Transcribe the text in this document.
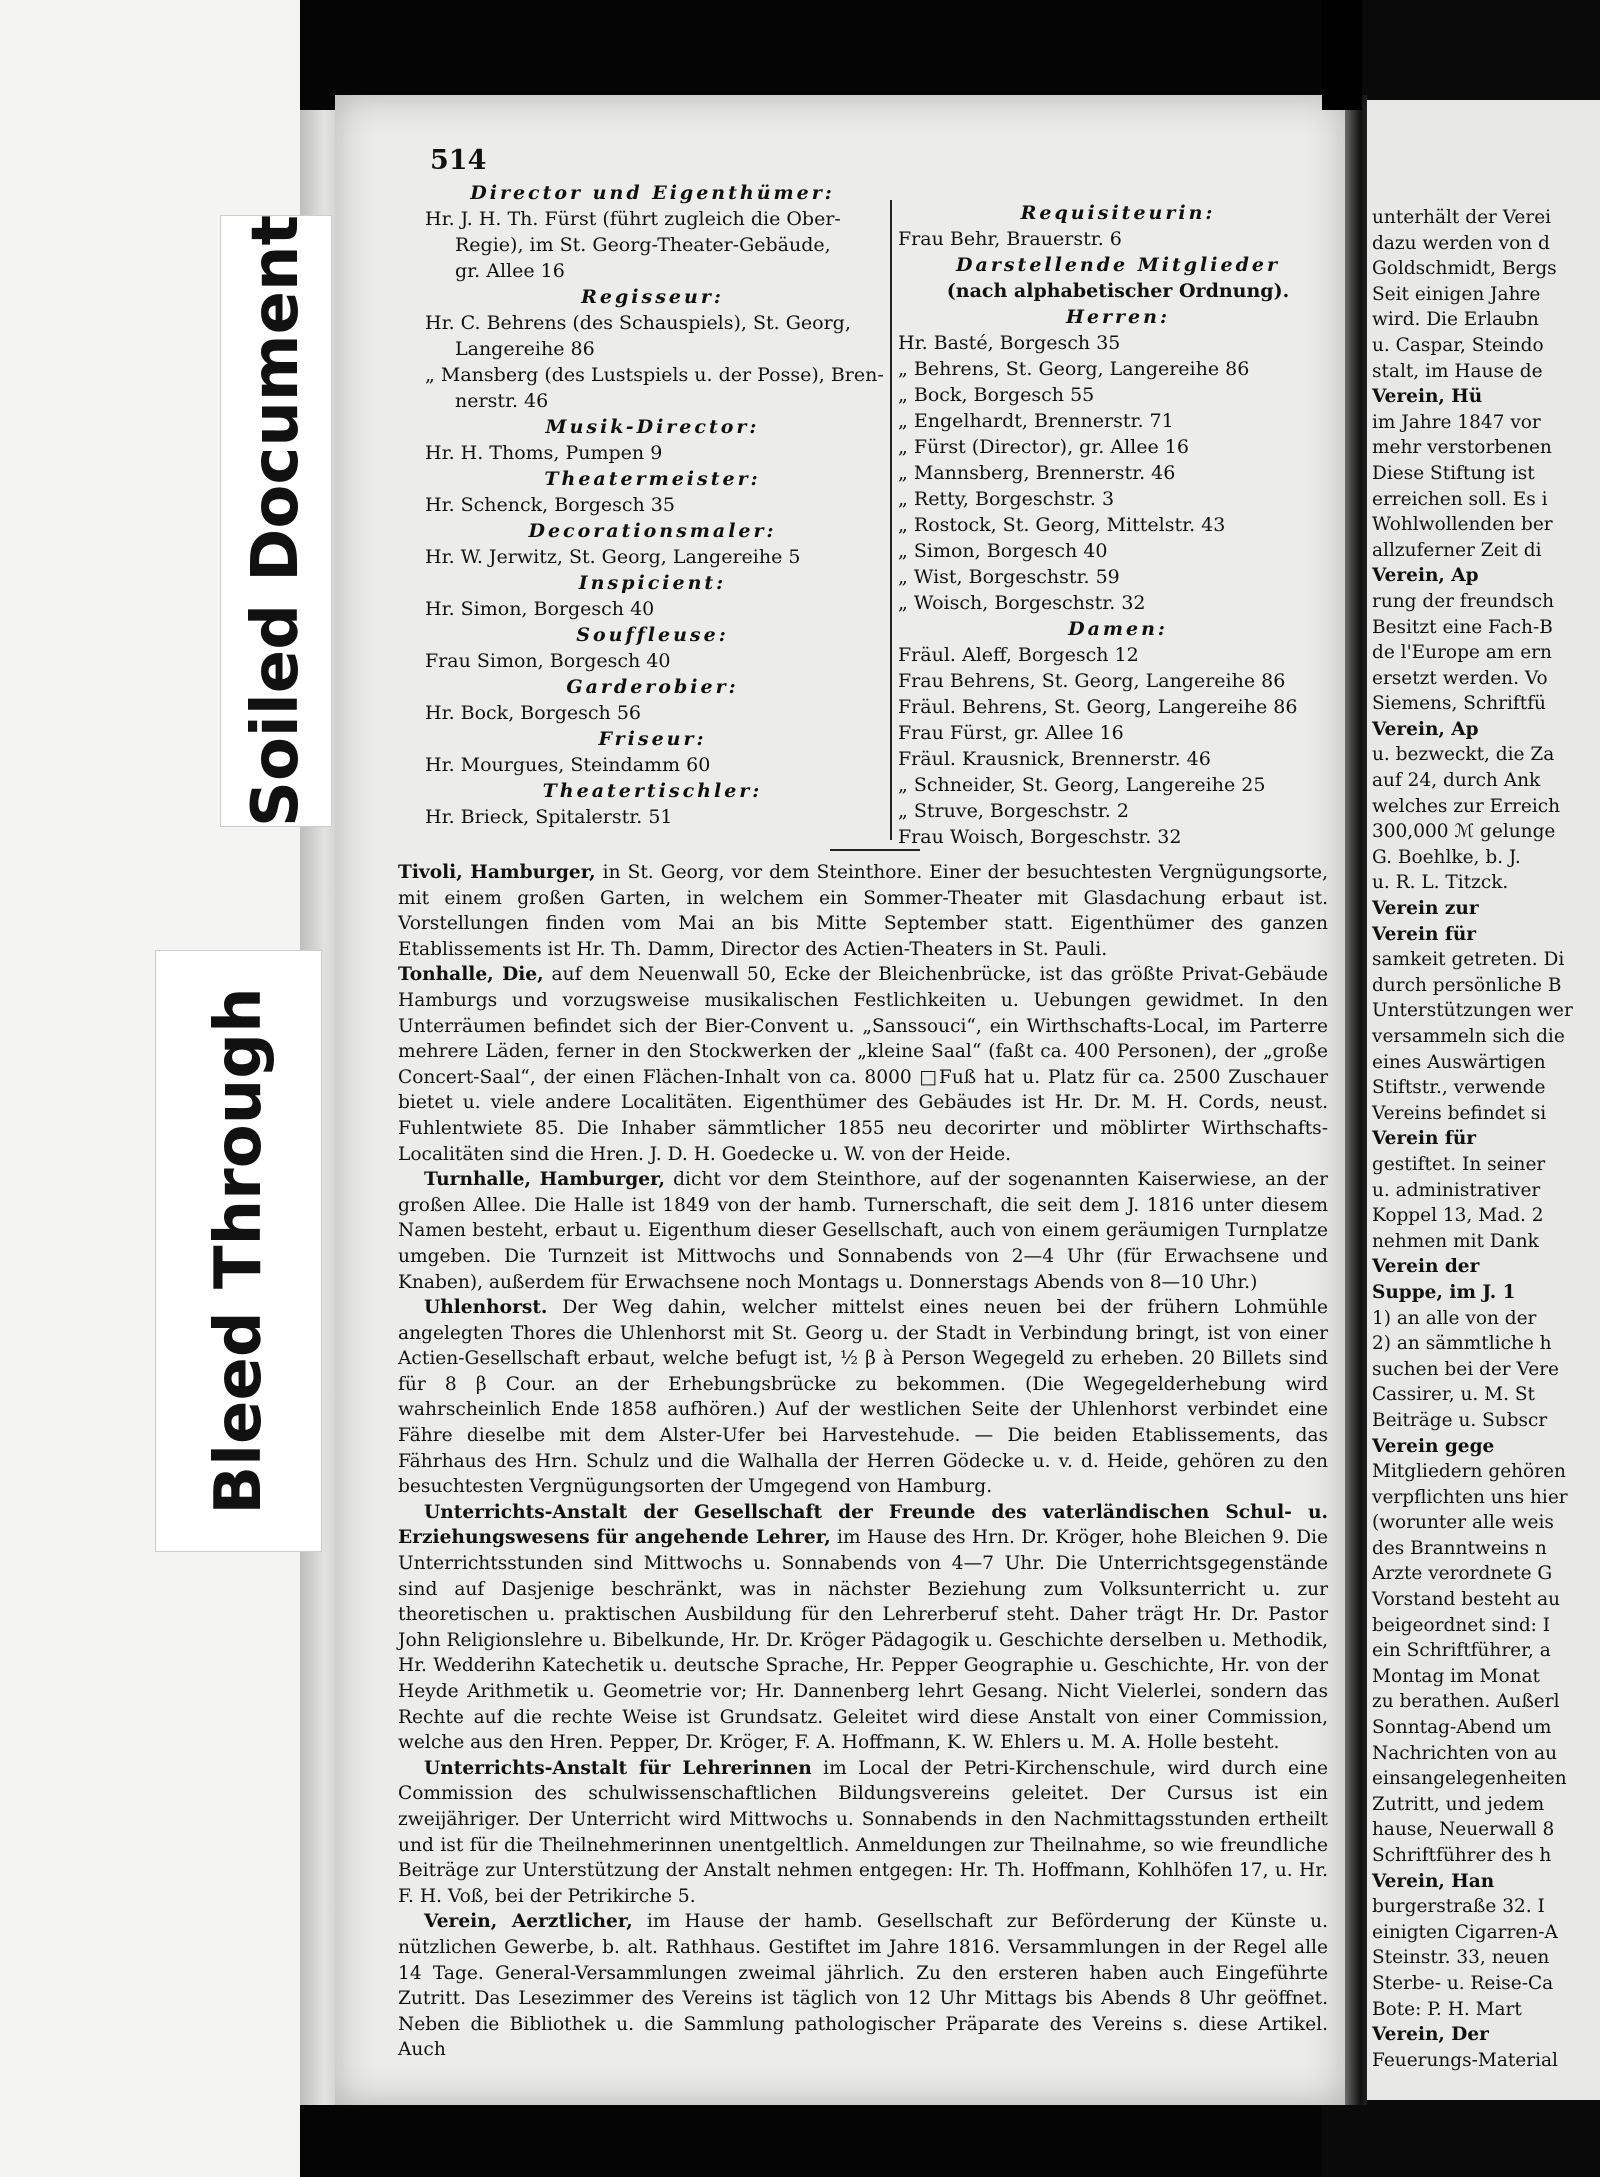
Soiled Document
Bleed Through
514
Director und Eigenthümer:
Hr. J. H. Th. Fürst (führt zugleich die Ober-
Regie), im St. Georg-Theater-Gebäude,
gr. Allee 16
Regisseur:
Hr. C. Behrens (des Schauspiels), St. Georg,
Langereihe 86
„ Mansberg (des Lustspiels u. der Posse), Bren-
nerstr. 46
Musik-Director:
Hr. H. Thoms, Pumpen 9
Theatermeister:
Hr. Schenck, Borgesch 35
Decorationsmaler:
Hr. W. Jerwitz, St. Georg, Langereihe 5
Inspicient:
Hr. Simon, Borgesch 40
Souffleuse:
Frau Simon, Borgesch 40
Garderobier:
Hr. Bock, Borgesch 56
Friseur:
Hr. Mourgues, Steindamm 60
Theatertischler:
Hr. Brieck, Spitalerstr. 51
Requisiteurin:
Frau Behr, Brauerstr. 6
Darstellende Mitglieder
(nach alphabetischer Ordnung).
Herren:
Hr. Basté, Borgesch 35
„ Behrens, St. Georg, Langereihe 86
„ Bock, Borgesch 55
„ Engelhardt, Brennerstr. 71
„ Fürst (Director), gr. Allee 16
„ Mannsberg, Brennerstr. 46
„ Retty, Borgeschstr. 3
„ Rostock, St. Georg, Mittelstr. 43
„ Simon, Borgesch 40
„ Wist, Borgeschstr. 59
„ Woisch, Borgeschstr. 32
Damen:
Fräul. Aleff, Borgesch 12
Frau Behrens, St. Georg, Langereihe 86
Fräul. Behrens, St. Georg, Langereihe 86
Frau Fürst, gr. Allee 16
Fräul. Krausnick, Brennerstr. 46
„ Schneider, St. Georg, Langereihe 25
„ Struve, Borgeschstr. 2
Frau Woisch, Borgeschstr. 32

Tivoli, Hamburger, in St. Georg, vor dem Steinthore. Einer der besuchtesten Vergnügungsorte, mit einem großen Garten, in welchem ein Sommer-Theater mit Glasdachung erbaut ist. Vorstellungen finden vom Mai an bis Mitte September statt. Eigenthümer des ganzen Etablissements ist Hr. Th. Damm, Director des Actien-Theaters in St. Pauli.

Tonhalle, Die, auf dem Neuenwall 50, Ecke der Bleichenbrücke, ist das größte Privat-Gebäude Hamburgs und vorzugsweise musikalischen Festlichkeiten u. Uebungen gewidmet. In den Unterräumen befindet sich der Bier-Convent u. „Sanssouci“, ein Wirthschafts-Local, im Parterre mehrere Läden, ferner in den Stockwerken der „kleine Saal“ (faßt ca. 400 Personen), der „große Concert-Saal“, der einen Flächen-Inhalt von ca. 8000 □Fuß hat u. Platz für ca. 2500 Zuschauer bietet u. viele andere Localitäten. Eigenthümer des Gebäudes ist Hr. Dr. M. H. Cords, neust. Fuhlentwiete 85. Die Inhaber sämmtlicher 1855 neu decorirter und möblirter Wirthschafts-Localitäten sind die Hren. J. D. H. Goedecke u. W. von der Heide.

Turnhalle, Hamburger, dicht vor dem Steinthore, auf der sogenannten Kaiserwiese, an der großen Allee. Die Halle ist 1849 von der hamb. Turnerschaft, die seit dem J. 1816 unter diesem Namen besteht, erbaut u. Eigenthum dieser Gesellschaft, auch von einem geräumigen Turnplatze umgeben. Die Turnzeit ist Mittwochs und Sonnabends von 2—4 Uhr (für Erwachsene und Knaben), außerdem für Erwachsene noch Montags u. Donnerstags Abends von 8—10 Uhr.)

Uhlenhorst. Der Weg dahin, welcher mittelst eines neuen bei der frühern Lohmühle angelegten Thores die Uhlenhorst mit St. Georg u. der Stadt in Verbindung bringt, ist von einer Actien-Gesellschaft erbaut, welche befugt ist, ½ β à Person Wegegeld zu erheben. 20 Billets sind für 8 β Cour. an der Erhebungsbrücke zu bekommen. (Die Wegegelderhebung wird wahrscheinlich Ende 1858 aufhören.) Auf der westlichen Seite der Uhlenhorst verbindet eine Fähre dieselbe mit dem Alster-Ufer bei Harvestehude. — Die beiden Etablissements, das Fährhaus des Hrn. Schulz und die Walhalla der Herren Gödecke u. v. d. Heide, gehören zu den besuchtesten Vergnügungsorten der Umgegend von Hamburg.

Unterrichts-Anstalt der Gesellschaft der Freunde des vaterländischen Schul- u. Erziehungswesens für angehende Lehrer, im Hause des Hrn. Dr. Kröger, hohe Bleichen 9. Die Unterrichtsstunden sind Mittwochs u. Sonnabends von 4—7 Uhr. Die Unterrichtsgegenstände sind auf Dasjenige beschränkt, was in nächster Beziehung zum Volksunterricht u. zur theoretischen u. praktischen Ausbildung für den Lehrerberuf steht. Daher trägt Hr. Dr. Pastor John Religionslehre u. Bibelkunde, Hr. Dr. Kröger Pädagogik u. Geschichte derselben u. Methodik, Hr. Wedderihn Katechetik u. deutsche Sprache, Hr. Pepper Geographie u. Geschichte, Hr. von der Heyde Arithmetik u. Geometrie vor; Hr. Dannenberg lehrt Gesang. Nicht Vielerlei, sondern das Rechte auf die rechte Weise ist Grundsatz. Geleitet wird diese Anstalt von einer Commission, welche aus den Hren. Pepper, Dr. Kröger, F. A. Hoffmann, K. W. Ehlers u. M. A. Holle besteht.

Unterrichts-Anstalt für Lehrerinnen im Local der Petri-Kirchenschule, wird durch eine Commission des schulwissenschaftlichen Bildungsvereins geleitet. Der Cursus ist ein zweijähriger. Der Unterricht wird Mittwochs u. Sonnabends in den Nachmittagsstunden ertheilt und ist für die Theilnehmerinnen unentgeltlich. Anmeldungen zur Theilnahme, so wie freundliche Beiträge zur Unterstützung der Anstalt nehmen entgegen: Hr. Th. Hoffmann, Kohlhöfen 17, u. Hr. F. H. Voß, bei der Petrikirche 5.

Verein, Aerztlicher, im Hause der hamb. Gesellschaft zur Beförderung der Künste u. nützlichen Gewerbe, b. alt. Rathhaus. Gestiftet im Jahre 1816. Versammlungen in der Regel alle 14 Tage. General-Versammlungen zweimal jährlich. Zu den ersteren haben auch Eingeführte Zutritt. Das Lesezimmer des Vereins ist täglich von 12 Uhr Mittags bis Abends 8 Uhr geöffnet. Neben die Bibliothek u. die Sammlung pathologischer Präparate des Vereins s. diese Artikel. Auch

unterhält der Verei
dazu werden von d
Goldschmidt, Bergs
Seit einigen Jahre
wird. Die Erlaubn
u. Caspar, Steindo
stalt, im Hause de
Verein, Hü
im Jahre 1847 vor
mehr verstorbenen
Diese Stiftung ist
erreichen soll. Es i
Wohlwollenden ber
allzuferner Zeit di
Verein, Ap
rung der freundsch
Besitzt eine Fach-B
de l'Europe am ern
ersetzt werden. Vo
Siemens, Schriftfü
Verein, Ap
u. bezweckt, die Za
auf 24, durch Ank
welches zur Erreich
300,000 ℳ gelunge
G. Boehlke, b. J.
u. R. L. Titzck.
Verein zur
Verein für
samkeit getreten. Di
durch persönliche B
Unterstützungen wer
versammeln sich die
eines Auswärtigen
Stiftstr., verwende
Vereins befindet si
Verein für
gestiftet. In seiner
u. administrativer
Koppel 13, Mad. 2
nehmen mit Dank
Verein der
Suppe, im J. 1
1) an alle von der
2) an sämmtliche h
suchen bei der Vere
Cassirer, u. M. St
Beiträge u. Subscr
Verein gege
Mitgliedern gehören
verpflichten uns hier
(worunter alle weis
des Branntweins n
Arzte verordnete G
Vorstand besteht au
beigeordnet sind: I
ein Schriftführer, a
Montag im Monat
zu berathen. Außerl
Sonntag-Abend um
Nachrichten von au
einsangelegenheiten
Zutritt, und jedem
hause, Neuerwall 8
Schriftführer des h
Verein, Han
burgerstraße 32. I
einigten Cigarren-A
Steinstr. 33, neuen
Sterbe- u. Reise-Ca
Bote: P. H. Mart
Verein, Der
Feuerungs-Material
